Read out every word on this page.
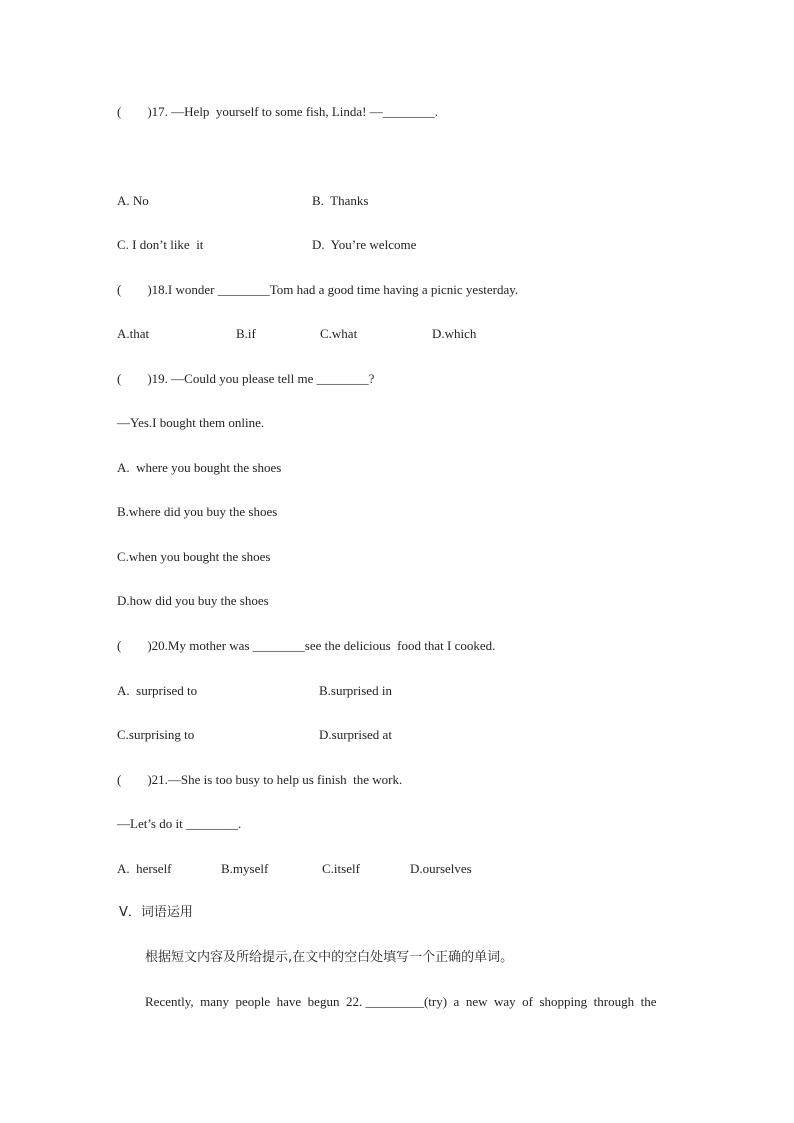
(        )17. —Help  yourself to some fish, Linda! —________.
A. No	B.  Thanks
C. I don’t like  it	D.  You’re welcome
(        )18.I wonder ________Tom had a good time having a picnic yesterday.
A.that	B.if	C.what	D.which
(        )19. —Could you please tell me ________?
—Yes.I bought them online.
A.  where you bought the shoes
B.where did you buy the shoes
C.when you bought the shoes
D.how did you buy the shoes
(        )20.My mother was ________see the delicious  food that I cooked.
A.  surprised to	B.surprised in
C.surprising to	D.surprised at
(        )21.—She is too busy to help us finish  the work.
—Let’s do it ________.
A.  herself	B.myself	C.itself	D.ourselves
Ⅴ．词语运用
根据短文内容及所给提示,在文中的空白处填写一个正确的单词。
Recently,  many  people  have  begun  22. _________(try)  a  new  way  of  shopping  through  the
